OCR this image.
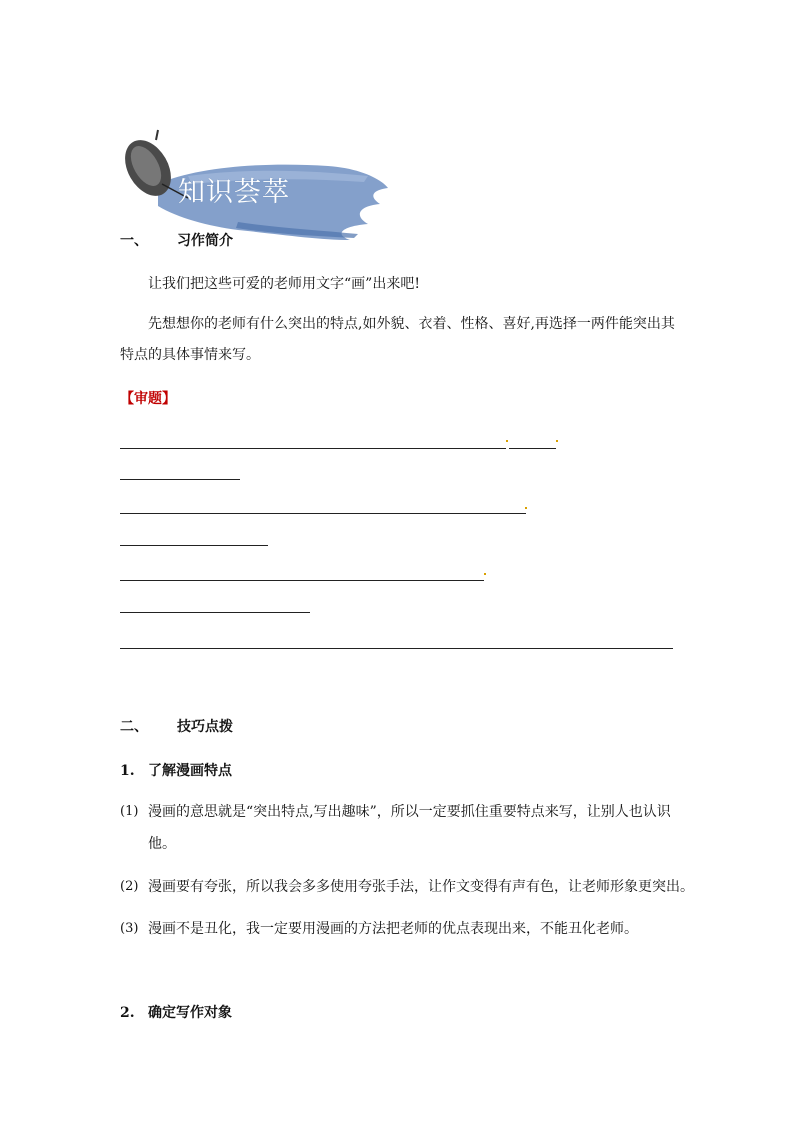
知识荟萃
一、 习作简介
让我们把这些可爱的老师用文字“画”出来吧!
先想想你的老师有什么突出的特点,如外貌、衣着、性格、喜好,再选择一两件能突出其
特点的具体事情来写。
【审题】
二、 技巧点拨
1. 了解漫画特点
(1) 漫画的意思就是“突出特点,写出趣味”，所以一定要抓住重要特点来写，让别人也认识
他。
(2) 漫画要有夸张，所以我会多多使用夸张手法，让作文变得有声有色，让老师形象更突出。
(3) 漫画不是丑化，我一定要用漫画的方法把老师的优点表现出来，不能丑化老师。
2. 确定写作对象
